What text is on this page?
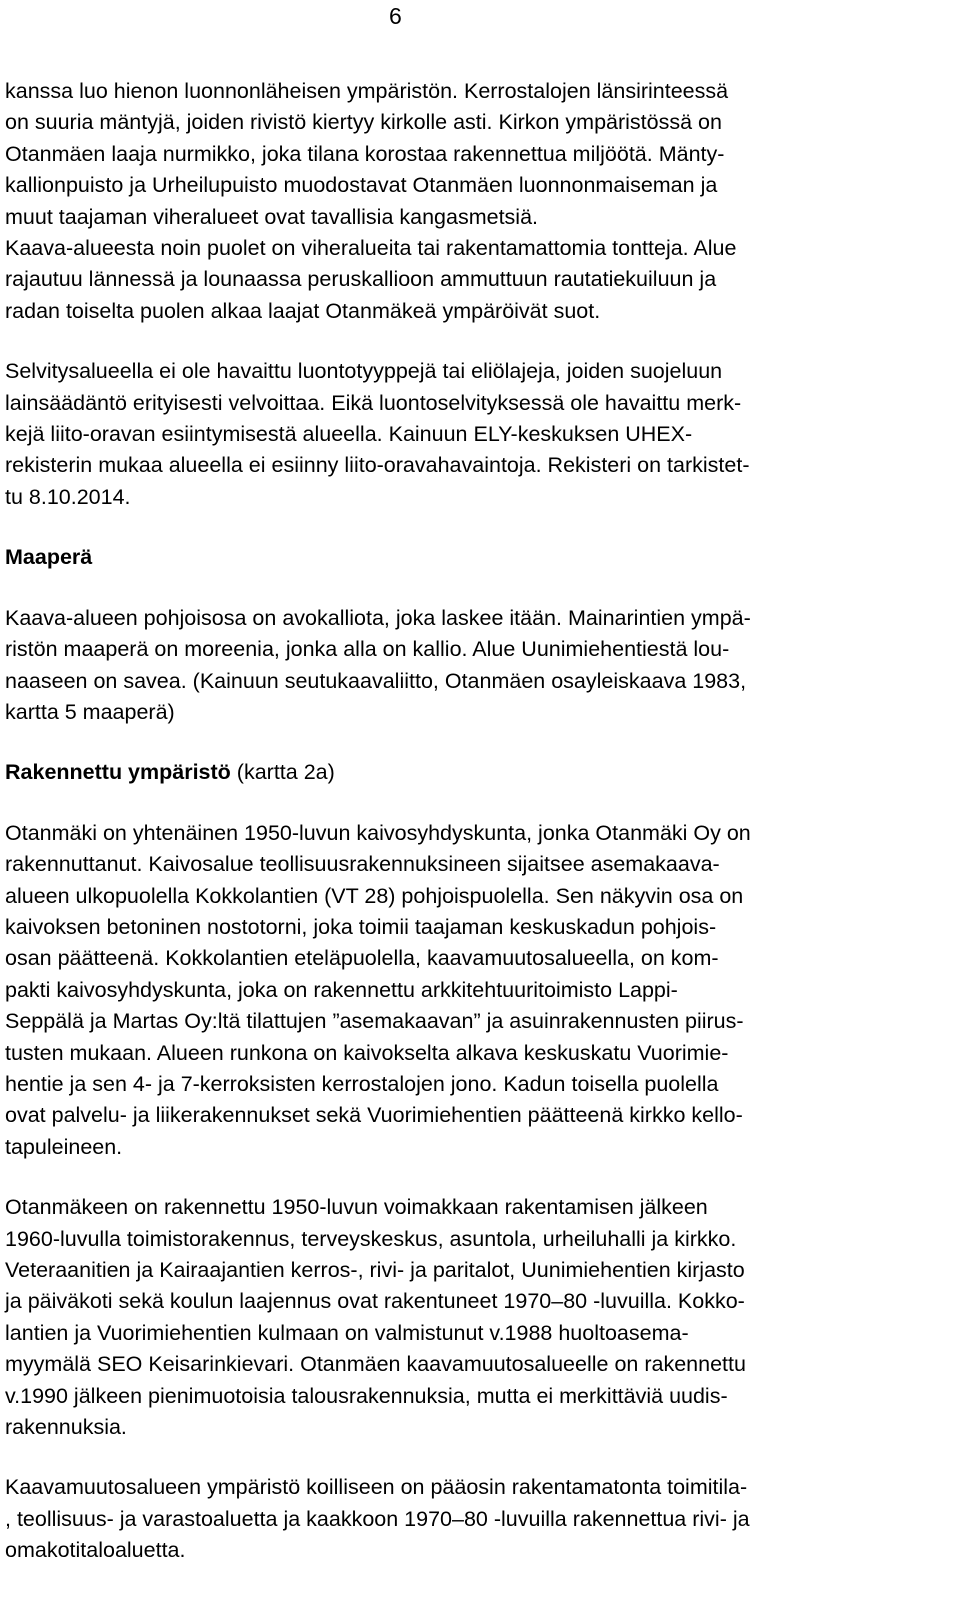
6

kanssa luo hienon luonnonläheisen ympäristön. Kerrostalojen länsirinteessä
on suuria mäntyjä, joiden rivistö kiertyy kirkolle asti. Kirkon ympäristössä on
Otanmäen laaja nurmikko, joka tilana korostaa rakennettua miljöötä. Mänty-
kallionpuisto ja Urheilupuisto muodostavat Otanmäen luonnonmaiseman ja
muut taajaman viheralueet ovat tavallisia kangasmetsiä.
Kaava-alueesta noin puolet on viheralueita tai rakentamattomia tontteja. Alue
rajautuu lännessä ja lounaassa peruskallioon ammuttuun rautatiekuiluun ja
radan toiselta puolen alkaa laajat Otanmäkeä ympäröivät suot.

Selvitysalueella ei ole havaittu luontotyyppejä tai eliölajeja, joiden suojeluun
lainsäädäntö erityisesti velvoittaa. Eikä luontoselvityksessä ole havaittu merk-
kejä liito-oravan esiintymisestä alueella. Kainuun ELY-keskuksen UHEX-
rekisterin mukaa alueella ei esiinny liito-oravahavaintoja. Rekisteri on tarkistet-
tu 8.10.2014.

Maaperä

Kaava-alueen pohjoisosa on avokalliota, joka laskee itään. Mainarintien ympä-
ristön maaperä on moreenia, jonka alla on kallio. Alue Uunimiehentiestä lou-
naaseen on savea. (Kainuun seutukaavaliitto, Otanmäen osayleiskaava 1983,
kartta 5 maaperä)

Rakennettu ympäristö (kartta 2a)

Otanmäki on yhtenäinen 1950-luvun kaivosyhdyskunta, jonka Otanmäki Oy on
rakennuttanut. Kaivosalue teollisuusrakennuksineen sijaitsee asemakaava-
alueen ulkopuolella Kokkolantien (VT 28) pohjoispuolella. Sen näkyvin osa on
kaivoksen betoninen nostotorni, joka toimii taajaman keskuskadun pohjois-
osan päätteenä. Kokkolantien eteläpuolella, kaavamuutosalueella, on kom-
pakti kaivosyhdyskunta, joka on rakennettu arkkitehtuuritoimisto Lappi-
Seppälä ja Martas Oy:ltä tilattujen ”asemakaavan” ja asuinrakennusten piirus-
tusten mukaan. Alueen runkona on kaivokselta alkava keskuskatu Vuorimie-
hentie ja sen 4- ja 7-kerroksisten kerrostalojen jono. Kadun toisella puolella
ovat palvelu- ja liikerakennukset sekä Vuorimiehentien päätteenä kirkko kello-
tapuleineen.

Otanmäkeen on rakennettu 1950-luvun voimakkaan rakentamisen jälkeen
1960-luvulla toimistorakennus, terveyskeskus, asuntola, urheiluhalli ja kirkko.
Veteraanitien ja Kairaajantien kerros-, rivi- ja paritalot, Uunimiehentien kirjasto
ja päiväkoti sekä koulun laajennus ovat rakentuneet 1970–80 -luvuilla. Kokko-
lantien ja Vuorimiehentien kulmaan on valmistunut v.1988 huoltoasema-
myymälä SEO Keisarinkievari. Otanmäen kaavamuutosalueelle on rakennettu
v.1990 jälkeen pienimuotoisia talousrakennuksia, mutta ei merkittäviä uudis-
rakennuksia.

Kaavamuutosalueen ympäristö koilliseen on pääosin rakentamatonta toimitila-
, teollisuus- ja varastoaluetta ja kaakkoon 1970–80 -luvuilla rakennettua rivi- ja
omakotitaloaluetta.
